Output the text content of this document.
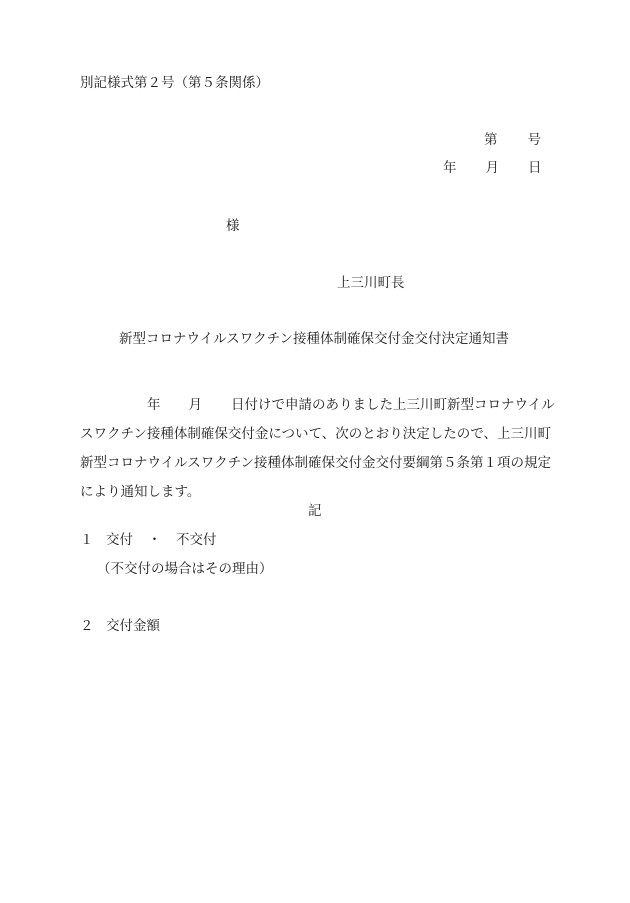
別記様式第２号（第５条関係）
第 号
年 月 日
様
上三川町長
新型コロナウイルスワクチン接種体制確保交付金交付決定通知書
年 月 日付けで申請のありました上三川町新型コロナウイル
スワクチン接種体制確保交付金について、次のとおり決定したので、上三川町
新型コロナウイルスワクチン接種体制確保交付金交付要綱第５条第１項の規定
により通知します。
記
１ 交付 ・ 不交付
（不交付の場合はその理由）
２ 交付金額
